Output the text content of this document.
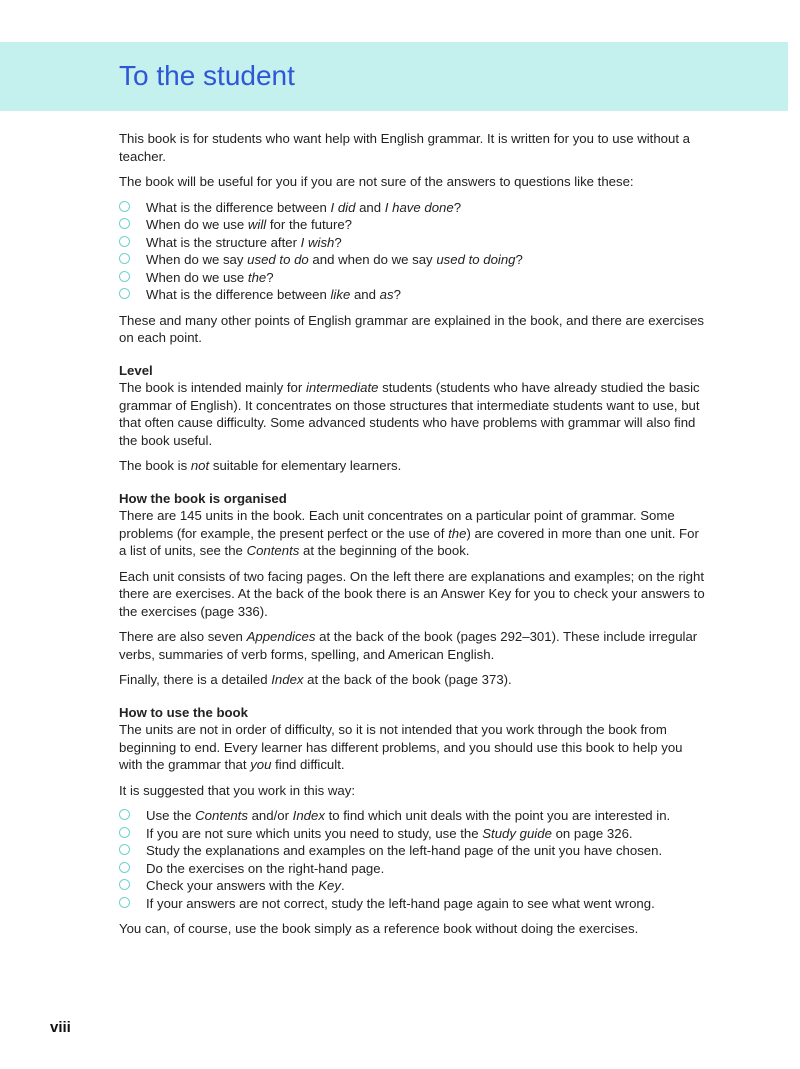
To the student

This book is for students who want help with English grammar. It is written for you to use without a teacher.

The book will be useful for you if you are not sure of the answers to questions like these:

What is the difference between I did and I have done?
When do we use will for the future?
What is the structure after I wish?
When do we say used to do and when do we say used to doing?
When do we use the?
What is the difference between like and as?

These and many other points of English grammar are explained in the book, and there are exercises on each point.

Level

The book is intended mainly for intermediate students (students who have already studied the basic grammar of English). It concentrates on those structures that intermediate students want to use, but that often cause difficulty. Some advanced students who have problems with grammar will also find the book useful.

The book is not suitable for elementary learners.

How the book is organised

There are 145 units in the book. Each unit concentrates on a particular point of grammar. Some problems (for example, the present perfect or the use of the) are covered in more than one unit. For a list of units, see the Contents at the beginning of the book.

Each unit consists of two facing pages. On the left there are explanations and examples; on the right there are exercises. At the back of the book there is an Answer Key for you to check your answers to the exercises (page 336).

There are also seven Appendices at the back of the book (pages 292–301). These include irregular verbs, summaries of verb forms, spelling, and American English.

Finally, there is a detailed Index at the back of the book (page 373).

How to use the book

The units are not in order of difficulty, so it is not intended that you work through the book from beginning to end. Every learner has different problems, and you should use this book to help you with the grammar that you find difficult.

It is suggested that you work in this way:

Use the Contents and/or Index to find which unit deals with the point you are interested in.
If you are not sure which units you need to study, use the Study guide on page 326.
Study the explanations and examples on the left-hand page of the unit you have chosen.
Do the exercises on the right-hand page.
Check your answers with the Key.
If your answers are not correct, study the left-hand page again to see what went wrong.

You can, of course, use the book simply as a reference book without doing the exercises.

viii
